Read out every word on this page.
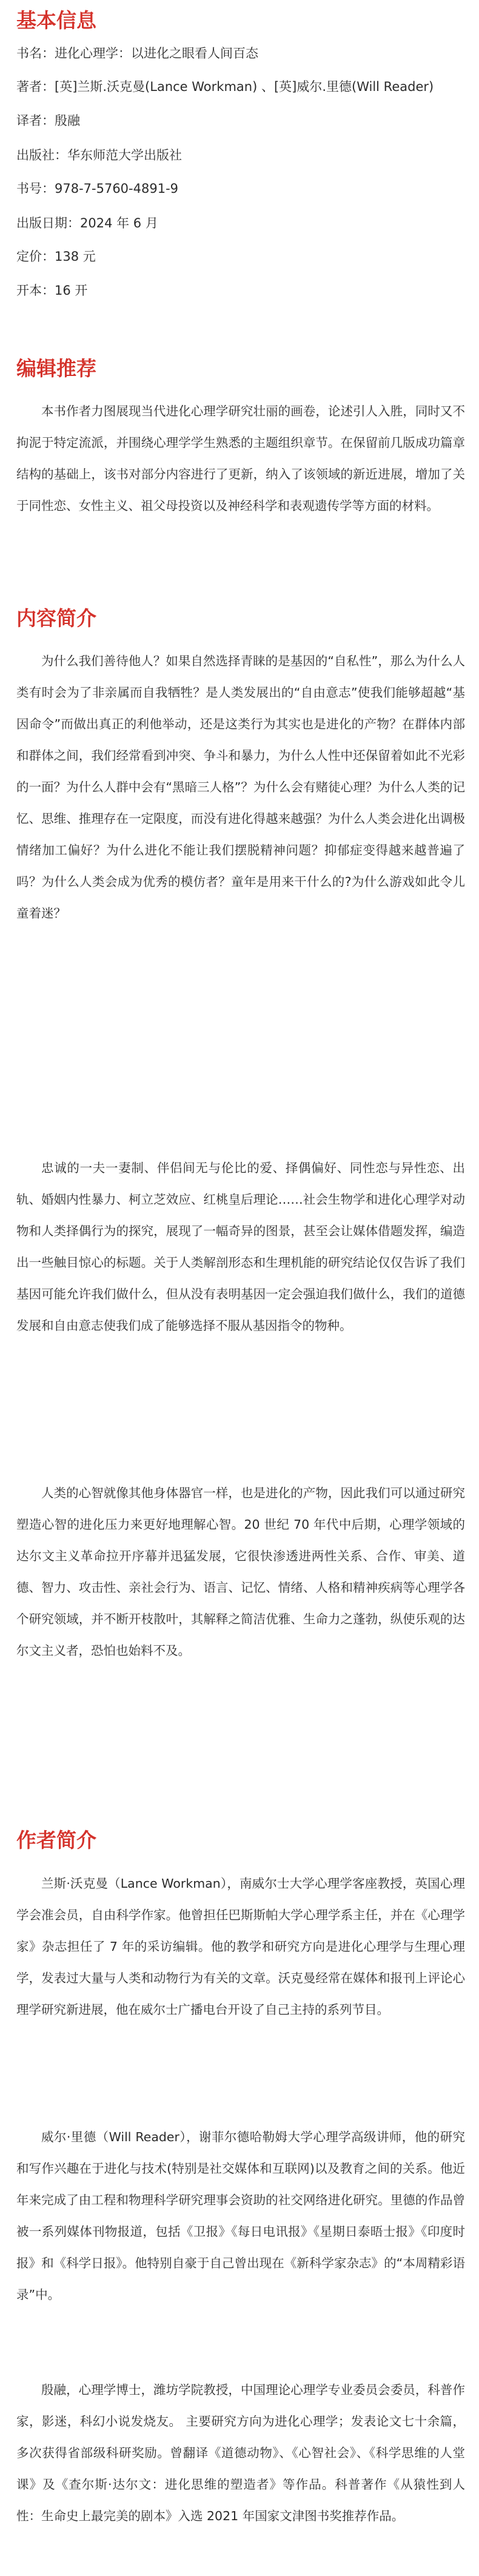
基本信息

书名：进化心理学：以进化之眼看人间百态

著者：[英]兰斯.沃克曼(Lance Workman) 、[英]威尔.里德(Will Reader)

译者：殷融

出版社：华东师范大学出版社

书号：978-7-5760-4891-9

出版日期：2024 年 6 月

定价：138 元

开本：16 开

编辑推荐

本书作者力图展现当代进化心理学研究壮丽的画卷，论述引人入胜，同时又不拘泥于特定流派，并围绕心理学学生熟悉的主题组织章节。在保留前几版成功篇章结构的基础上，该书对部分内容进行了更新，纳入了该领域的新近进展，增加了关于同性恋、女性主义、祖父母投资以及神经科学和表观遗传学等方面的材料。

内容简介

为什么我们善待他人？如果自然选择青睐的是基因的“自私性”，那么为什么人类有时会为了非亲属而自我牺牲？是人类发展出的“自由意志”使我们能够超越“基因命令”而做出真正的利他举动，还是这类行为其实也是进化的产物？在群体内部和群体之间，我们经常看到冲突、争斗和暴力，为什么人性中还保留着如此不光彩的一面？为什么人群中会有“黑暗三人格”？为什么会有赌徒心理？为什么人类的记忆、思维、推理存在一定限度，而没有进化得越来越强？为什么人类会进化出调极情绪加工偏好？为什么进化不能让我们摆脱精神问题？抑郁症变得越来越普遍了吗？为什么人类会成为优秀的模仿者？童年是用来干什么的?为什么游戏如此令儿童着迷？

忠诚的一夫一妻制、伴侣间无与伦比的爱、择偶偏好、同性恋与异性恋、出轨、婚姻内性暴力、柯立芝效应、红桃皇后理论……社会生物学和进化心理学对动物和人类择偶行为的探究，展现了一幅奇异的图景，甚至会让媒体借题发挥，编造出一些触目惊心的标题。关于人类解剖形态和生理机能的研究结论仅仅告诉了我们基因可能允许我们做什么，但从没有表明基因一定会强迫我们做什么，我们的道德发展和自由意志使我们成了能够选择不服从基因指令的物种。

人类的心智就像其他身体器官一样，也是进化的产物，因此我们可以通过研究塑造心智的进化压力来更好地理解心智。20 世纪 70 年代中后期，心理学领域的达尔文主义革命拉开序幕并迅猛发展，它很快渗透进两性关系、合作、审美、道德、智力、攻击性、亲社会行为、语言、记忆、情绪、人格和精神疾病等心理学各个研究领域，并不断开枝散叶，其解释之简洁优雅、生命力之蓬勃，纵使乐观的达尔文主义者，恐怕也始料不及。

作者简介

兰斯·沃克曼（Lance Workman），南威尔士大学心理学客座教授，英国心理学会准会员，自由科学作家。他曾担任巴斯斯帕大学心理学系主任，并在《心理学家》杂志担任了 7 年的采访编辑。他的教学和研究方向是进化心理学与生理心理学，发表过大量与人类和动物行为有关的文章。沃克曼经常在媒体和报刊上评论心理学研究新进展，他在威尔士广播电台开设了自己主持的系列节目。

威尔·里德（Will Reader），谢菲尔德哈勒姆大学心理学高级讲师，他的研究和写作兴趣在于进化与技术(特别是社交媒体和互联网)以及教育之间的关系。他近年来完成了由工程和物理科学研究理事会资助的社交网络进化研究。里德的作品曾被一系列媒体刊物报道，包括《卫报》《每日电讯报》《星期日泰晤士报》《印度时报》和《科学日报》。他特别自豪于自己曾出现在《新科学家杂志》的“本周精彩语录”中。

殷融，心理学博士，潍坊学院教授，中国理论心理学专业委员会委员，科普作家，影迷，科幻小说发烧友。 主要研究方向为进化心理学；发表论文七十余篇，多次获得省部级科研奖励。曾翻译《道德动物》、《心智社会》、《科学思维的人堂课》及《查尔斯·达尔文：进化思维的塑造者》等作品。科普著作《从猿性到人性：生命史上最完美的剧本》入选 2021 年国家文津图书奖推荐作品。
